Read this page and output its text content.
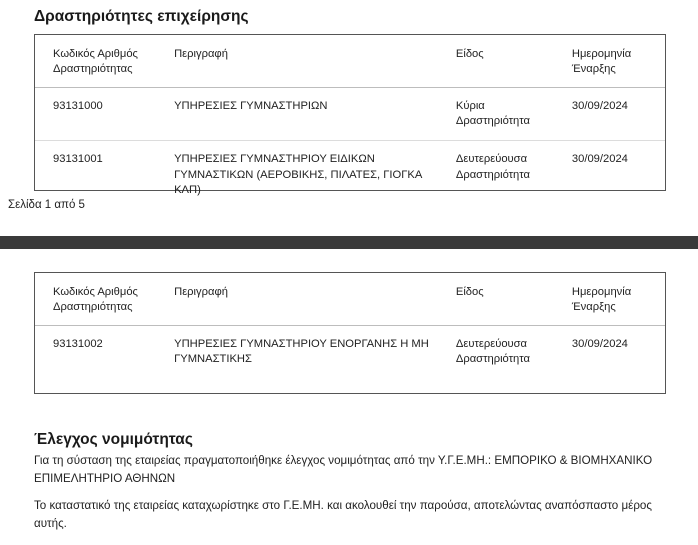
Δραστηριότητες επιχείρησης
Κωδικός Αριθμός Δραστηριότητας	Περιγραφή	Είδος	Ημερομηνία Έναρξης
93131000	ΥΠΗΡΕΣΙΕΣ ΓΥΜΝΑΣΤΗΡΙΩΝ	Κύρια Δραστηριότητα	30/09/2024
93131001	ΥΠΗΡΕΣΙΕΣ ΓΥΜΝΑΣΤΗΡΙΟΥ ΕΙΔΙΚΩΝ ΓΥΜΝΑΣΤΙΚΩΝ (ΑΕΡΟΒΙΚΗΣ, ΠΙΛΑΤΕΣ, ΓΙΟΓΚΑ ΚΛΠ)	Δευτερεύουσα Δραστηριότητα	30/09/2024
Σελίδα 1 από 5
Κωδικός Αριθμός Δραστηριότητας	Περιγραφή	Είδος	Ημερομηνία Έναρξης
93131002	ΥΠΗΡΕΣΙΕΣ ΓΥΜΝΑΣΤΗΡΙΟΥ ΕΝΟΡΓΑΝΗΣ Η ΜΗ ΓΥΜΝΑΣΤΙΚΗΣ	Δευτερεύουσα Δραστηριότητα	30/09/2024
Έλεγχος νομιμότητας
Για τη σύσταση της εταιρείας πραγματοποιήθηκε έλεγχος νομιμότητας από την Υ.Γ.Ε.ΜΗ.: ΕΜΠΟΡΙΚΟ & ΒΙΟΜΗΧΑΝΙΚΟ ΕΠΙΜΕΛΗΤΗΡΙΟ ΑΘΗΝΩΝ
Το καταστατικό της εταιρείας καταχωρίστηκε στο Γ.Ε.ΜΗ. και ακολουθεί την παρούσα, αποτελώντας αναπόσπαστο μέρος αυτής.
